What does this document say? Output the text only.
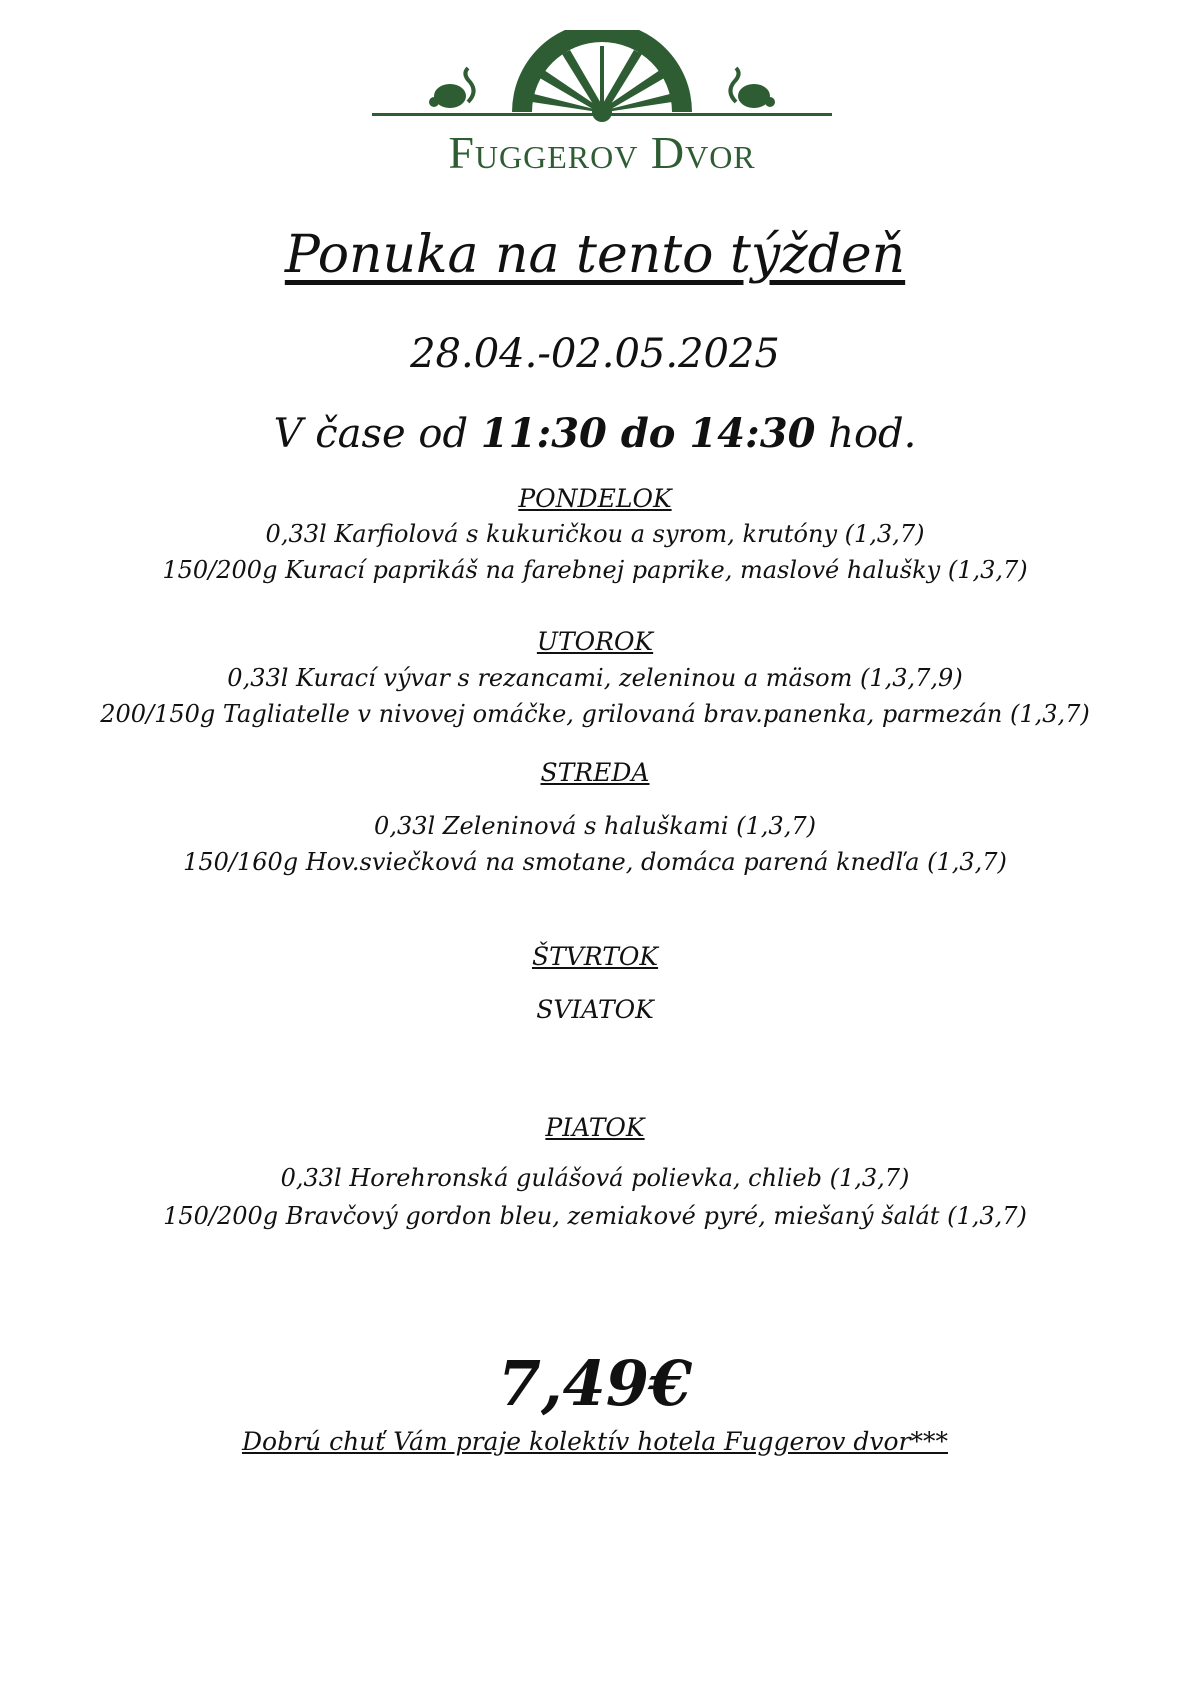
Fuggerov Dvor
Ponuka na tento týždeň
28.04.-02.05.2025
V čase od 11:30 do 14:30 hod.
PONDELOK
0,33l Karfiolová s kukuričkou a syrom, krutóny (1,3,7)
150/200g Kurací paprikáš na farebnej paprike, maslové halušky (1,3,7)
UTOROK
0,33l Kurací vývar s rezancami, zeleninou a mäsom (1,3,7,9)
200/150g Tagliatelle v nivovej omáčke, grilovaná brav.panenka, parmezán (1,3,7)
STREDA
0,33l Zeleninová s haluškami (1,3,7)
150/160g Hov.sviečková na smotane, domáca parená knedľa (1,3,7)
ŠTVRTOK
SVIATOK
PIATOK
0,33l Horehronská gulášová polievka, chlieb (1,3,7)
150/200g Bravčový gordon bleu, zemiakové pyré, miešaný šalát (1,3,7)
7,49€
Dobrú chuť Vám praje kolektív hotela Fuggerov dvor***
